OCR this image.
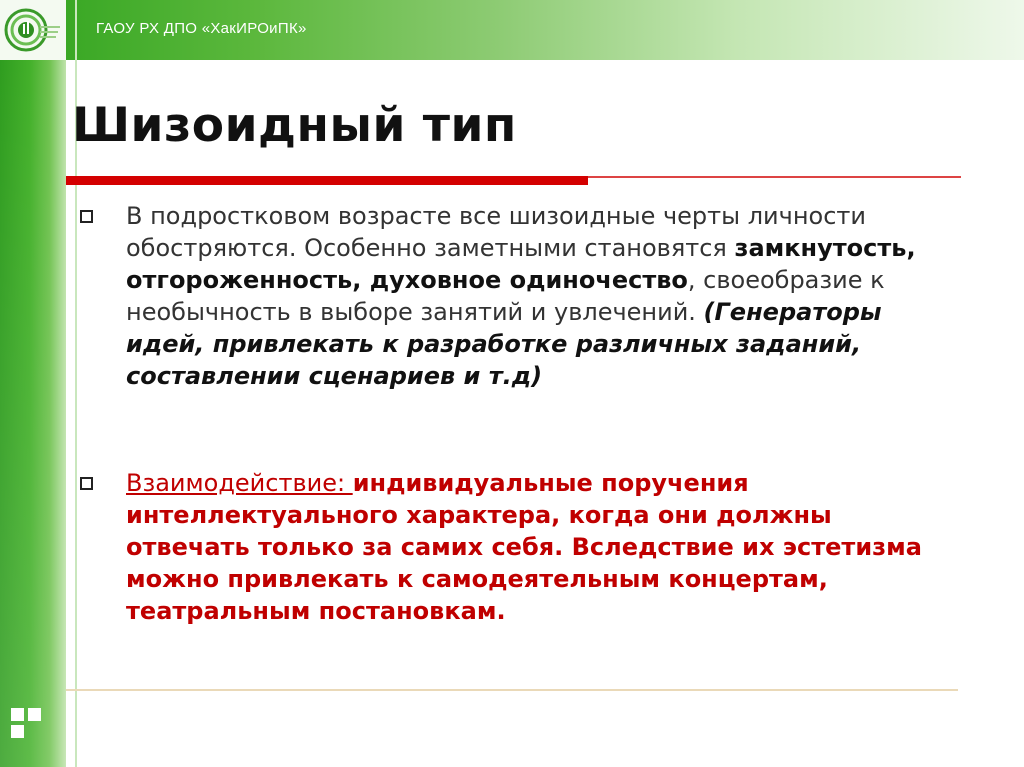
ГАОУ РХ ДПО «ХакИРОиПК»
Шизоидный тип
В подростковом возрасте все шизоидные черты личности обостряются. Особенно заметными становятся замкнутость, отгороженность, духовное одиночество, своеобразие к необычность в выборе занятий и увлечений. (Генераторы идей, привлекать к разработке различных заданий, составлении сценариев и т.д)
Взаимодействие: индивидуальные поручения интеллектуального характера, когда они должны отвечать только за самих себя. Вследствие их эстетизма можно привлекать к самодеятельным концертам, театральным постановкам.
